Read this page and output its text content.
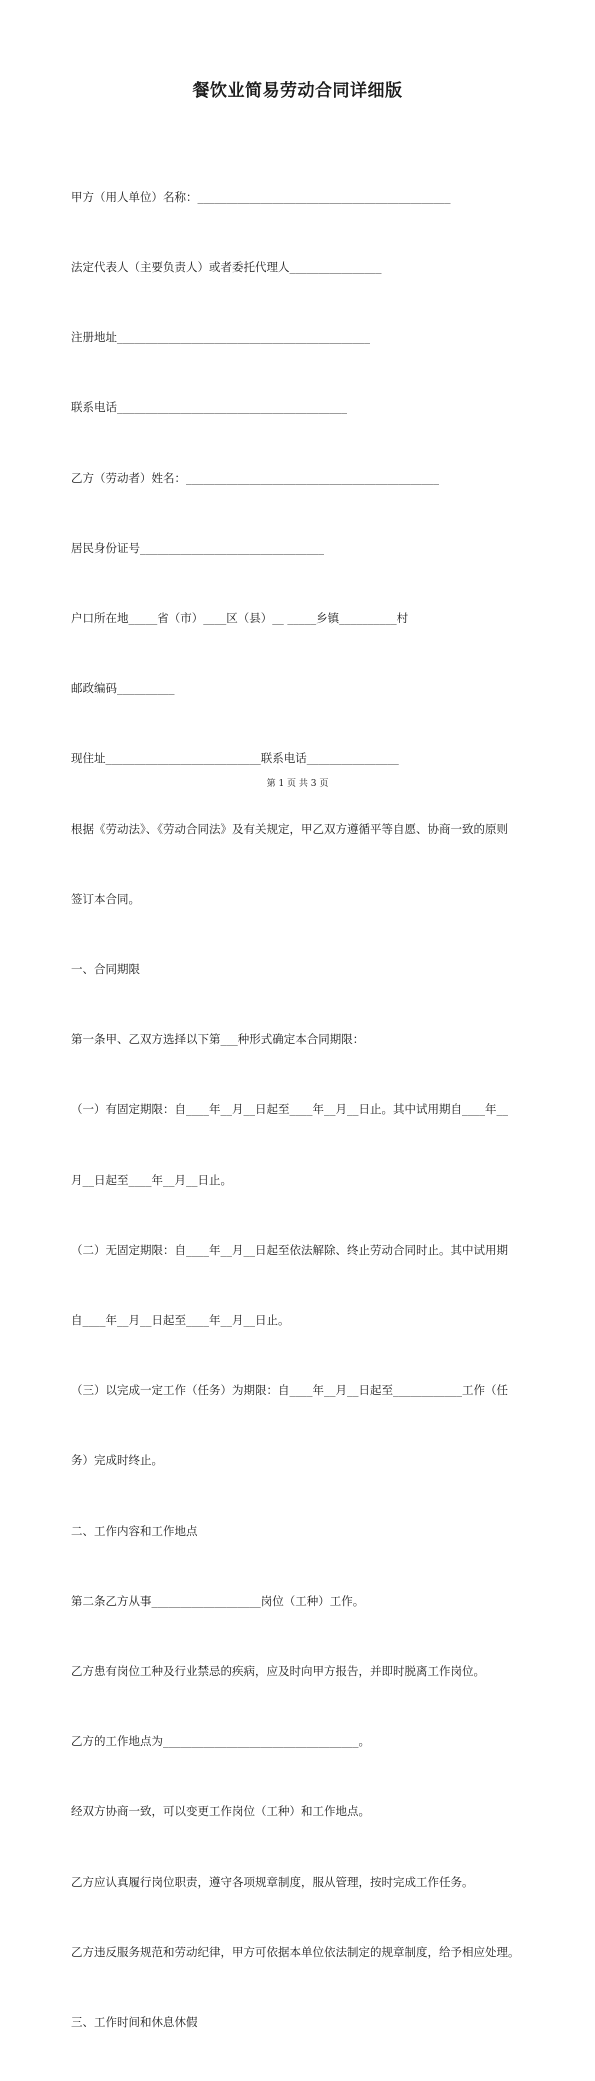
餐饮业简易劳动合同详细版

甲方（用人单位）名称：____________________________________________

法定代表人（主要负责人）或者委托代理人________________

注册地址____________________________________________

联系电话________________________________________

乙方（劳动者）姓名：____________________________________________

居民身份证号________________________________

户口所在地_____省（市）____区（县）__ _____乡镇__________村

邮政编码__________

现住址___________________________联系电话________________

根据《劳动法》、《劳动合同法》及有关规定，甲乙双方遵循平等自愿、协商一致的原则

签订本合同。

一、合同期限

第一条甲、乙双方选择以下第___种形式确定本合同期限：

（一）有固定期限：自____年__月__日起至____年__月__日止。其中试用期自____年__

月__日起至____年__月__日止。

（二）无固定期限：自____年__月__日起至依法解除、终止劳动合同时止。其中试用期

自____年__月__日起至____年__月__日止。

（三）以完成一定工作（任务）为期限：自____年__月__日起至____________工作（任

务）完成时终止。

二、工作内容和工作地点

第二条乙方从事___________________岗位（工种）工作。

乙方患有岗位工种及行业禁忌的疾病，应及时向甲方报告，并即时脱离工作岗位。

乙方的工作地点为__________________________________。

经双方协商一致，可以变更工作岗位（工种）和工作地点。

乙方应认真履行岗位职责，遵守各项规章制度，服从管理，按时完成工作任务。

乙方违反服务规范和劳动纪律，甲方可依据本单位依法制定的规章制度，给予相应处理。

三、工作时间和休息休假

第 1 页 共 3 页
